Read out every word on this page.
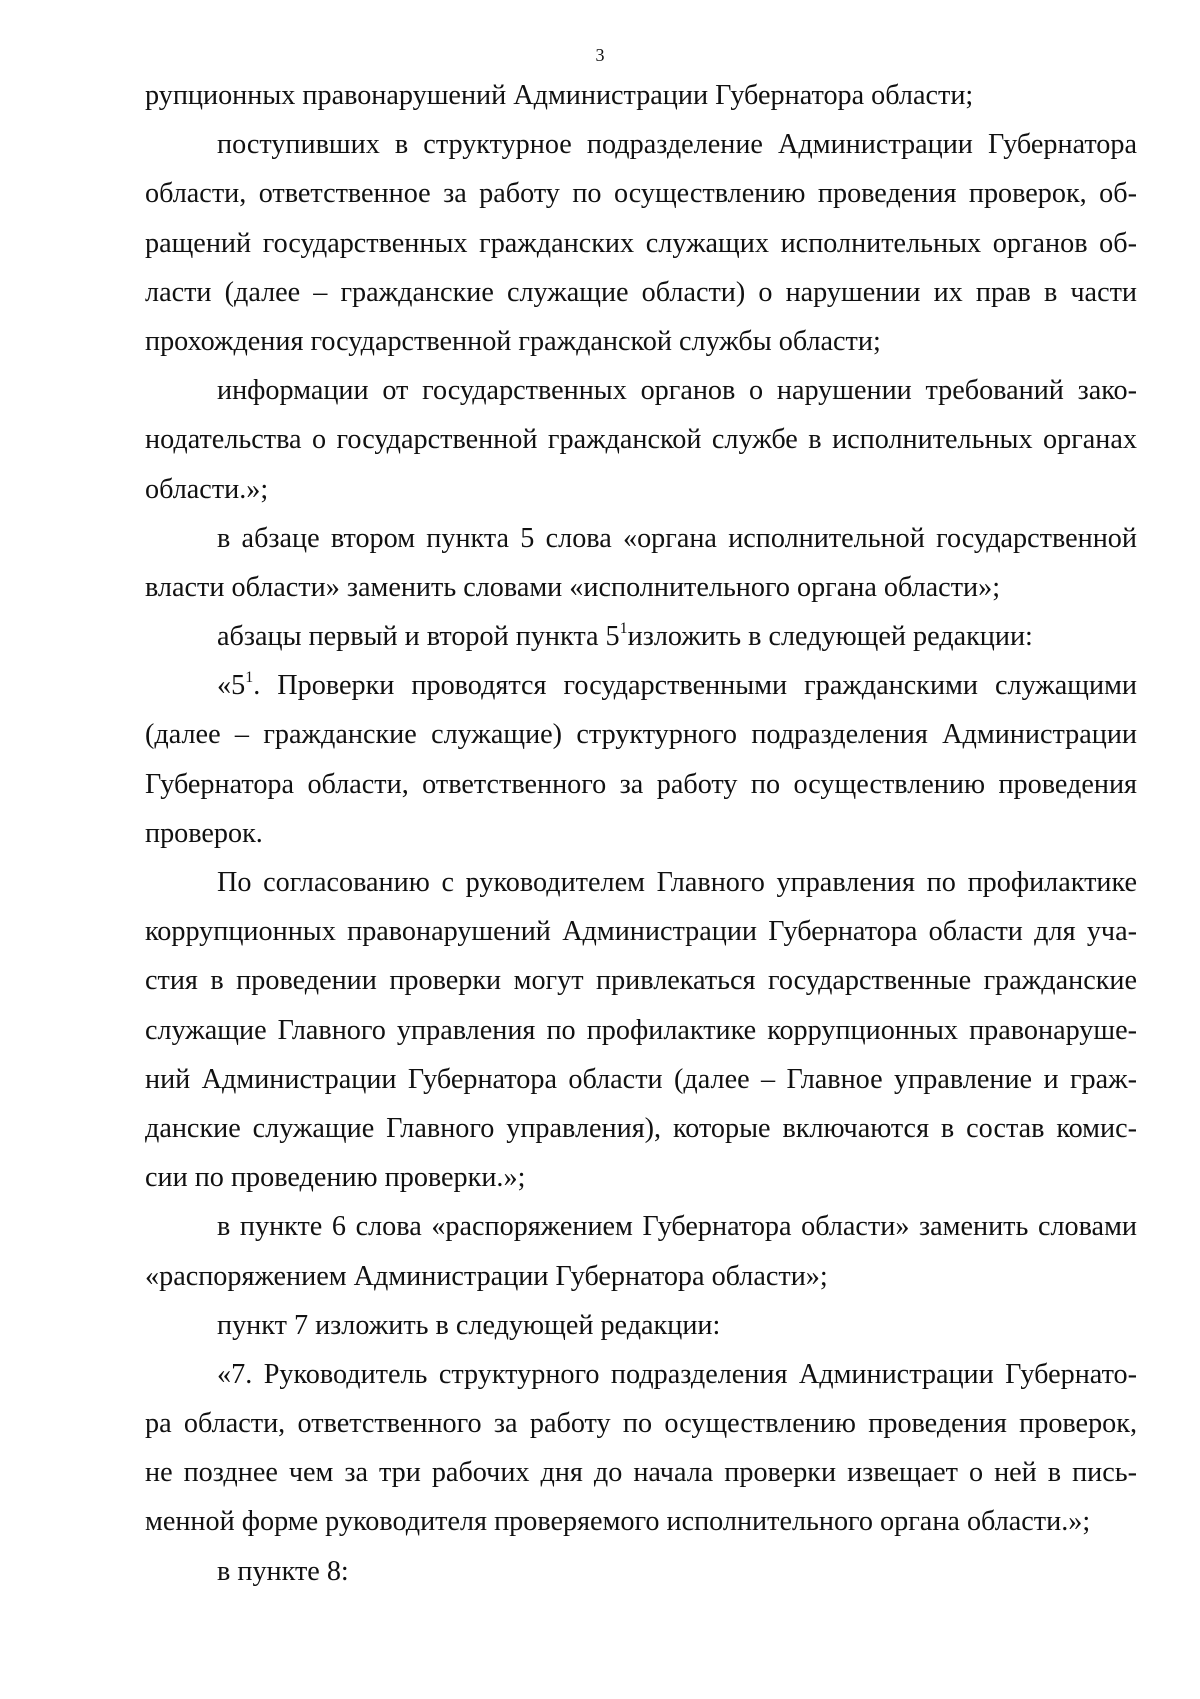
3
рупционных правонарушений Администрации Губернатора области;
поступивших в структурное подразделение Администрации Губернатора
области, ответственное за работу по осуществлению проведения проверок, об-
ращений государственных гражданских служащих исполнительных органов об-
ласти (далее – гражданские служащие области) о нарушении их прав в части
прохождения государственной гражданской службы области;
информации от государственных органов о нарушении требований зако-
нодательства о государственной гражданской службе в исполнительных органах
области.»;
в абзаце втором пункта 5 слова «органа исполнительной государственной
власти области» заменить словами «исполнительного органа области»;
абзацы первый и второй пункта $5^1изложить$ в следующей редакции:
«$5^1$. Проверки проводятся государственными гражданскими служащими
(далее – гражданские служащие) структурного подразделения Администрации
Губернатора области, ответственного за работу по осуществлению проведения
проверок.
По согласованию с руководителем Главного управления по профилактике
коррупционных правонарушений Администрации Губернатора области для уча-
стия в проведении проверки могут привлекаться государственные гражданские
служащие Главного управления по профилактике коррупционных правонаруше-
ний Администрации Губернатора области (далее – Главное управление и граж-
данские служащие Главного управления), которые включаются в состав комис-
сии по проведению проверки.»;
в пункте 6 слова «распоряжением Губернатора области» заменить словами
«распоряжением Администрации Губернатора области»;
пункт 7 изложить в следующей редакции:
«7. Руководитель структурного подразделения Администрации Губернато-
ра области, ответственного за работу по осуществлению проведения проверок,
не позднее чем за три рабочих дня до начала проверки извещает о ней в пись-
менной форме руководителя проверяемого исполнительного органа области.»;
в пункте 8:
